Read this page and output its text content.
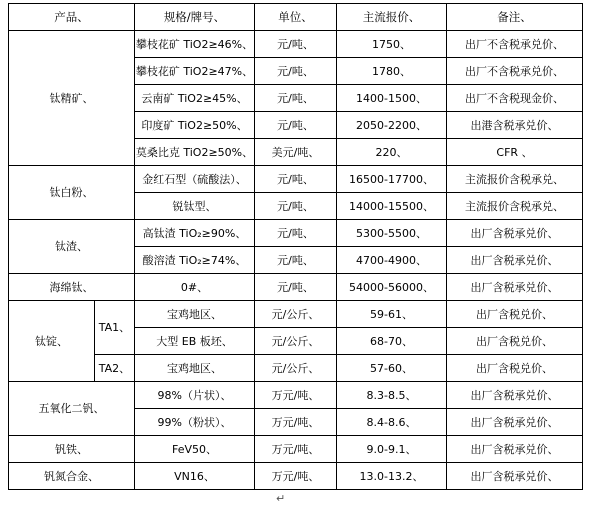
产品、		规格/牌号、	单位、	主流报价、	备注、
钛精矿、		攀枝花矿 TiO2≥46%、	元/吨、	1750、	出厂不含税承兑价、
		攀枝花矿 TiO2≥47%、	元/吨、	1780、	出厂不含税承兑价、
		云南矿 TiO2≥45%、	元/吨、	1400-1500、	出厂不含税现金价、
		印度矿 TiO2≥50%、	元/吨、	2050-2200、	出港含税承兑价、
		莫桑比克 TiO2≥50%、	美元/吨、	220、	CFR 、
钛白粉、		金红石型（硫酸法）、	元/吨、	16500-17700、	主流报价含税承兑、
		锐钛型、	元/吨、	14000-15500、	主流报价含税承兑、
钛渣、		高钛渣 TiO₂≥90%、	元/吨、	5300-5500、	出厂含税承兑价、
		酸溶渣 TiO₂≥74%、	元/吨、	4700-4900、	出厂含税承兑价、
海绵钛、		0#、	元/吨、	54000-56000、	出厂含税承兑价、
钛锭、	TA1、	宝鸡地区、	元/公斤、	59-61、	出厂含税兑价、
		大型 EB 板坯、	元/公斤、	68-70、	出厂含税兑价、
	TA2、	宝鸡地区、	元/公斤、	57-60、	出厂含税兑价、
五氧化二钒、		98%（片状）、	万元/吨、	8.3-8.5、	出厂含税承兑价、
		99%（粉状）、	万元/吨、	8.4-8.6、	出厂含税承兑价、
钒铁、		FeV50、	万元/吨、	9.0-9.1、	出厂含税承兑价、
钒氮合金、		VN16、	万元/吨、	13.0-13.2、	出厂含税承兑价、
↵
